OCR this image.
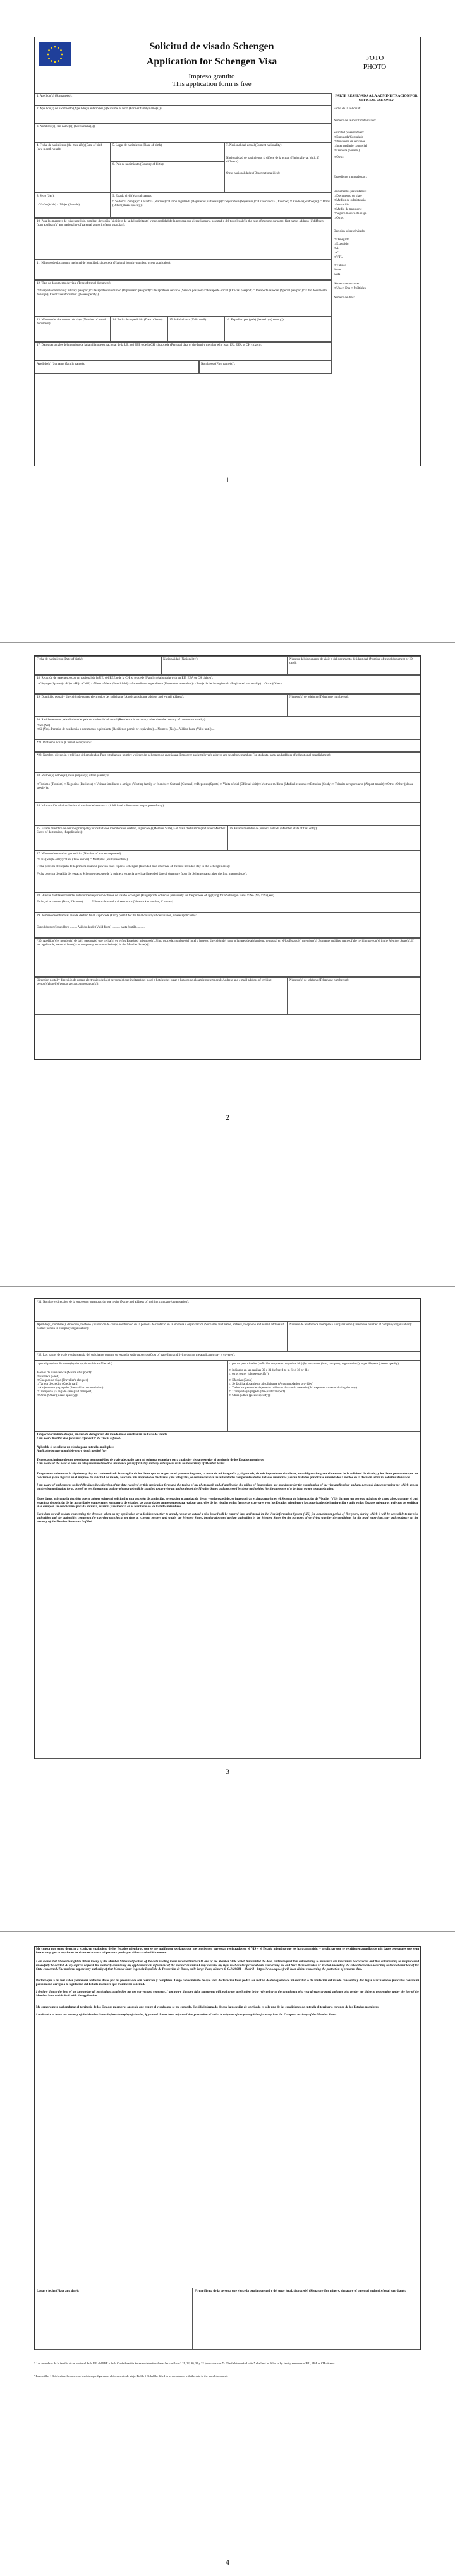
Solicitud de visado Schengen
Application for Schengen Visa
Impreso gratuito
This application form is free
FOTO
PHOTO
1. Apellido(s) (Surname(s)):
2. Apellido(s) de nacimiento (Apellido(s) anterior(es)) (Surname at birth (Former family name(s))):
3. Nombre(s) (First name(s)) (Given name(s)):
4. Fecha de nacimiento (día-mes-año) (Date of birth (day-month-year)):
5. Lugar de nacimiento (Place of birth):
6. País de nacimiento (Country of birth):
7. Nacionalidad actual (Current nationality):
Nacionalidad de nacimiento, si difiere de la actual (Nationality at birth, if different):
Otras nacionalidades (Other nationalities):
8. Sexo (Sex):
□ Varón (Male) □ Mujer (Female)
9. Estado civil (Marital status):
□ Soltero/a (Single) □ Casado/a (Married) □ Unión registrada (Registered partnership) □ Separado/a (Separated) □ Divorciado/a (Divorced) □ Viudo/a (Widow(er)) □ Otros (Other (please specify))
10. Para los menores de edad: apellido, nombre, dirección (si difiere de la del solicitante) y nacionalidad de la persona que ejerce la patria potestad o del tutor legal (In the case of minors: surname, first name, address (if different from applicant's) and nationality of parental authority/legal guardian):
11. Número de documento nacional de identidad, si procede (National identity number, where applicable):
12. Tipo de documento de viaje (Type of travel document):
□ Pasaporte ordinario (Ordinary passport) □ Pasaporte diplomático (Diplomatic passport) □ Pasaporte de servicio (Service passport) □ Pasaporte oficial (Official passport) □ Pasaporte especial (Special passport) □ Otro documento de viaje (Other travel document (please specify)):
13. Número del documento de viaje (Number of travel document):
14. Fecha de expedición (Date of issue):	15. Válido hasta (Valid until):	16. Expedido por (país) (Issued by (country)):
17. Datos personales del miembro de la familia que es nacional de la UE, del EEE o de la CH, si procede (Personal data of the family member who is an EU, EEA or CH citizen):
Apellido(s) (Surname (family name)):	Nombre(s) (First name(s)):
PARTE RESERVADA A LA ADMINISTRACIÓN FOR OFFICIAL USE ONLY
Fecha de la solicitud:
Número de la solicitud de visado:
Solicitud presentada en:
□ Embajada/Consulado
□ Proveedor de servicios
□ Intermediario comercial
□ Frontera (nombre):
□ Otros:
Expediente tramitado por:
Documentos presentados:
□ Documento de viaje
□ Medios de subsistencia
□ Invitación
□ Medio de transporte
□ Seguro médico de viaje
□ Otros:
Decisión sobre el visado:
□ Denegado
□ Expedido:
□ A
□ C
□ VTL
□ Válido:
desde
hasta
Número de entradas:
□ Una □ Dos □ Múltiples
Número de días:
1
Fecha de nacimiento (Date of birth):	Nacionalidad (Nationality):	Número del documento de viaje o del documento de identidad (Number of travel document or ID card):
18. Relación de parentesco con un nacional de la UE, del EEE o de la CH, si procede (Family relationship with an EU, EEA or CH citizen):
□ Cónyuge (Spouse) □ Hijo o Hija (Child) □ Nieto o Nieta (Grandchild) □ Ascendiente dependiente (Dependent ascendant) □ Pareja de hecho registrada (Registered partnership) □ Otros (Other):
19. Domicilio postal y dirección de correo electrónico del solicitante (Applicant's home address and e-mail address):	Número(s) de teléfono (Telephone number(s)):
20. Residente en un país distinto del país de nacionalidad actual (Residence in a country other than the country of current nationality):
□ No (No)
□ Sí (Yes). Permiso de residencia o documento equivalente (Residence permit or equivalent) ... Número (No.) ... Válido hasta (Valid until) ...
*21. Profesión actual (Current occupation):
*22. Nombre, dirección y teléfono del empleador. Para estudiantes, nombre y dirección del centro de enseñanza (Employer and employer's address and telephone number. For students, name and address of educational establishment):
23. Motivo(s) del viaje (Main purpose(s) of the journey):
□ Turismo (Tourism) □ Negocios (Business) □ Visita a familiares o amigos (Visiting family or friends) □ Cultural (Cultural) □ Deportes (Sports) □ Visita oficial (Official visit) □ Motivos médicos (Medical reasons) □ Estudios (Study) □ Tránsito aeroportuario (Airport transit) □ Otros (Other (please specify)):
24. Información adicional sobre el motivo de la estancia (Additional information on purpose of stay):
25. Estado miembro de destino principal (y otros Estados miembros de destino, si procede) (Member State(s) of main destination (and other Member States of destination, if applicable)):
26. Estado miembro de primera entrada (Member State of first entry):
27. Número de entradas que solicita (Number of entries requested):
□ Una (Single entry) □ Dos (Two entries) □ Múltiples (Multiple entries)
Fecha prevista de llegada de la primera estancia prevista en el espacio Schengen (Intended date of arrival of the first intended stay in the Schengen area):
Fecha prevista de salida del espacio Schengen después de la primera estancia prevista (Intended date of departure from the Schengen area after the first intended stay):
28. Huellas dactilares tomadas anteriormente para solicitudes de visado Schengen (Fingerprints collected previously for the purpose of applying for a Schengen visa): □ No (No) □ Sí (Yes)
Fecha, si se conoce (Date, if known) .......... Número de visado, si se conoce (Visa sticker number, if known) ..........
29. Permiso de entrada al país de destino final, si procede (Entry permit for the final country of destination, where applicable):
Expedido por (Issued by) .......... Válido desde (Valid from) .......... hasta (until) ..........
*30. Apellido(s) y nombre(s) de la(s) persona(s) que invita(n) en el/los Estado(s) miembro(s). Si no procede, nombre del hotel o hoteles, dirección del lugar o lugares de alojamiento temporal en el/los Estado(s) miembro(s) (Surname and first name of the inviting person(s) in the Member State(s). If not applicable, name of hotel(s) or temporary accommodation(s) in the Member State(s)):
Dirección postal y dirección de correo electrónico de la(s) persona(s) que invita(n)/del hotel o hoteles/del lugar o lugares de alojamiento temporal (Address and e-mail address of inviting person(s)/hotel(s)/temporary accommodation(s)):
Número(s) de teléfono (Telephone number(s)):
2
*31. Nombre y dirección de la empresa u organización que invita (Name and address of inviting company/organisation):
Apellido(s), nombre(s), dirección, teléfono y dirección de correo electrónico de la persona de contacto en la empresa u organización (Surname, first name, address, telephone and e-mail address of contact person in company/organisation):
Número de teléfono de la empresa u organización (Telephone number of company/organisation):
*32. Los gastos de viaje y subsistencia del solicitante durante su estancia están cubiertos (Cost of travelling and living during the applicant's stay is covered):
□ por el propio solicitante (by the applicant himself/herself)
Medios de subsistencia (Means of support):
□ Efectivo (Cash)
□ Cheques de viaje (Traveller's cheques)
□ Tarjeta de crédito (Credit card)
□ Alojamiento ya pagado (Pre-paid accommodation)
□ Transporte ya pagado (Pre-paid transport)
□ Otros (Other (please specify)):
□ por un patrocinador (anfitrión, empresa u organización) (by a sponsor (host, company, organisation)), especifíquese (please specify):
□ indicado en las casillas 30 o 31 (referred to in field 30 or 31)
□ otros (other (please specify)):
□ Efectivo (Cash)
□ Se facilita alojamiento al solicitante (Accommodation provided)
□ Todos los gastos de viaje están cubiertos durante la estancia (All expenses covered during the stay)
□ Transporte ya pagado (Pre-paid transport)
□ Otros (Other (please specify)):
Tengo conocimiento de que, en caso de denegación del visado no se devolverán las tasas de visado.
I am aware that the visa fee is not refunded if the visa is refused.
Aplicable si se solicita un visado para entradas múltiples:
Applicable in case a multiple-entry visa is applied for:
Tengo conocimiento de que necesito un seguro médico de viaje adecuado para mi primera estancia y para cualquier visita posterior al territorio de los Estados miembros.
I am aware of the need to have an adequate travel medical insurance for my first stay and any subsequent visits to the territory of Member States.
Tengo conocimiento de lo siguiente y doy mi conformidad: la recogida de los datos que se exigen en el presente impreso, la toma de mi fotografía y, si procede, de mis impresiones dactilares, son obligatorios para el examen de la solicitud de visado; y los datos personales que me conciernen y que figuran en el impreso de solicitud de visado, así como mis impresiones dactilares y mi fotografía, se comunicarán a las autoridades competentes de los Estados miembros y serán tratados por dichas autoridades a efectos de la decisión sobre mi solicitud de visado.
I am aware of and consent to the following: the collection of the data required by this application form and the taking of my photograph and, if applicable, the taking of fingerprints, are mandatory for the examination of the visa application; and any personal data concerning me which appear on the visa application form, as well as my fingerprints and my photograph will be supplied to the relevant authorities of the Member States and processed by those authorities, for the purposes of a decision on my visa application.
Estos datos, así como la decisión que se adopte sobre mi solicitud o una decisión de anulación, revocación o ampliación de un visado expedido, se introducirán y almacenarán en el Sistema de Información de Visados (VIS) durante un período máximo de cinco años, durante el cual estarán a disposición de las autoridades competentes en materia de visados, las autoridades competentes para realizar controles de los visados en las fronteras exteriores y en los Estados miembros y las autoridades de inmigración y asilo en los Estados miembros a efectos de verificar si se cumplen las condiciones para la entrada, estancia y residencia en el territorio de los Estados miembros.
Such data as well as data concerning the decision taken on my application or a decision whether to annul, revoke or extend a visa issued will be entered into, and stored in the Visa Information System (VIS) for a maximum period of five years, during which it will be accessible to the visa authorities and the authorities competent for carrying out checks on visas at external borders and within the Member States, immigration and asylum authorities in the Member States for the purposes of verifying whether the conditions for the legal entry into, stay and residence on the territory of the Member States are fulfilled.
3
Me consta que tengo derecho a exigir, en cualquiera de los Estados miembros, que se me notifiquen los datos que me conciernen que están registrados en el VIS y el Estado miembro que los ha transmitido, y a solicitar que se rectifiquen aquellos de mis datos personales que sean inexactos y que se supriman los datos relativos a mi persona que hayan sido tratados ilícitamente.
I am aware that I have the right to obtain in any of the Member States notification of the data relating to me recorded in the VIS and of the Member State which transmitted the data, and to request that data relating to me which are inaccurate be corrected and that data relating to me processed unlawfully be deleted. At my express request, the authority examining my application will inform me of the manner in which I may exercise my right to check the personal data concerning me and have them corrected or deleted, including the related remedies according to the national law of the State concerned. The national supervisory authority of that Member State (Agencia Española de Protección de Datos, calle Jorge Juan, número 6, C.P. 28001 – Madrid – https://www.aepd.es) will hear claims concerning the protection of personal data.
Declaro que a mi leal saber y entender todos los datos por mí presentados son correctos y completos. Tengo conocimiento de que toda declaración falsa podrá ser motivo de denegación de mi solicitud o de anulación del visado concedido y dar lugar a actuaciones judiciales contra mi persona con arreglo a la legislación del Estado miembro que tramite mi solicitud.
I declare that to the best of my knowledge all particulars supplied by me are correct and complete. I am aware that any false statements will lead to my application being rejected or to the annulment of a visa already granted and may also render me liable to prosecution under the law of the Member State which deals with the application.
Me comprometo a abandonar el territorio de los Estados miembros antes de que expire el visado que se me conceda. He sido informado de que la posesión de un visado es sólo una de las condiciones de entrada al territorio europeo de los Estados miembros.
I undertake to leave the territory of the Member States before the expiry of the visa, if granted. I have been informed that possession of a visa is only one of the prerequisites for entry into the European territory of the Member States.
Lugar y fecha (Place and date):	Firma (firma de la persona que ejerce la patria potestad o del tutor legal, si procede) (Signature (for minors, signature of parental authority/legal guardian)):
* Los miembros de la familia de un nacional de la UE, del EEE o de la Confederación Suiza no deberán rellenar las casillas n.º 21, 22, 30, 31 y 32 (marcadas con *). The fields marked with * shall not be filled in by family members of EU, EEA or CH citizens.
¹ Las casillas 1-3 deberán rellenarse con los datos que figuran en el documento de viaje. Fields 1-3 shall be filled in in accordance with the data in the travel document.
4
